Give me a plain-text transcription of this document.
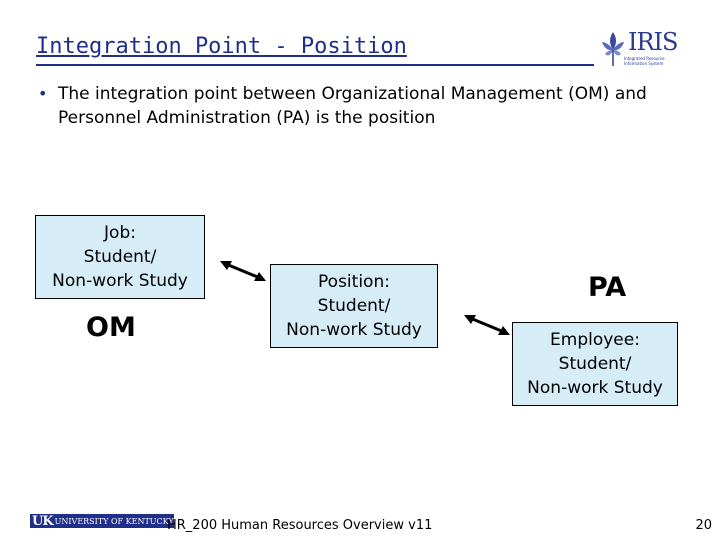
Integration Point - Position	IRIS
Integrated Resource Information System
• The integration point between Organizational Management (OM) and Personnel Administration (PA) is the position
Job:
Student/
Non-work Study
OM
Position:
Student/
Non-work Study
PA
Employee:
Student/
Non-work Study
UK UNIVERSITY OF KENTUCKY
HR_200 Human Resources Overview v11	20
